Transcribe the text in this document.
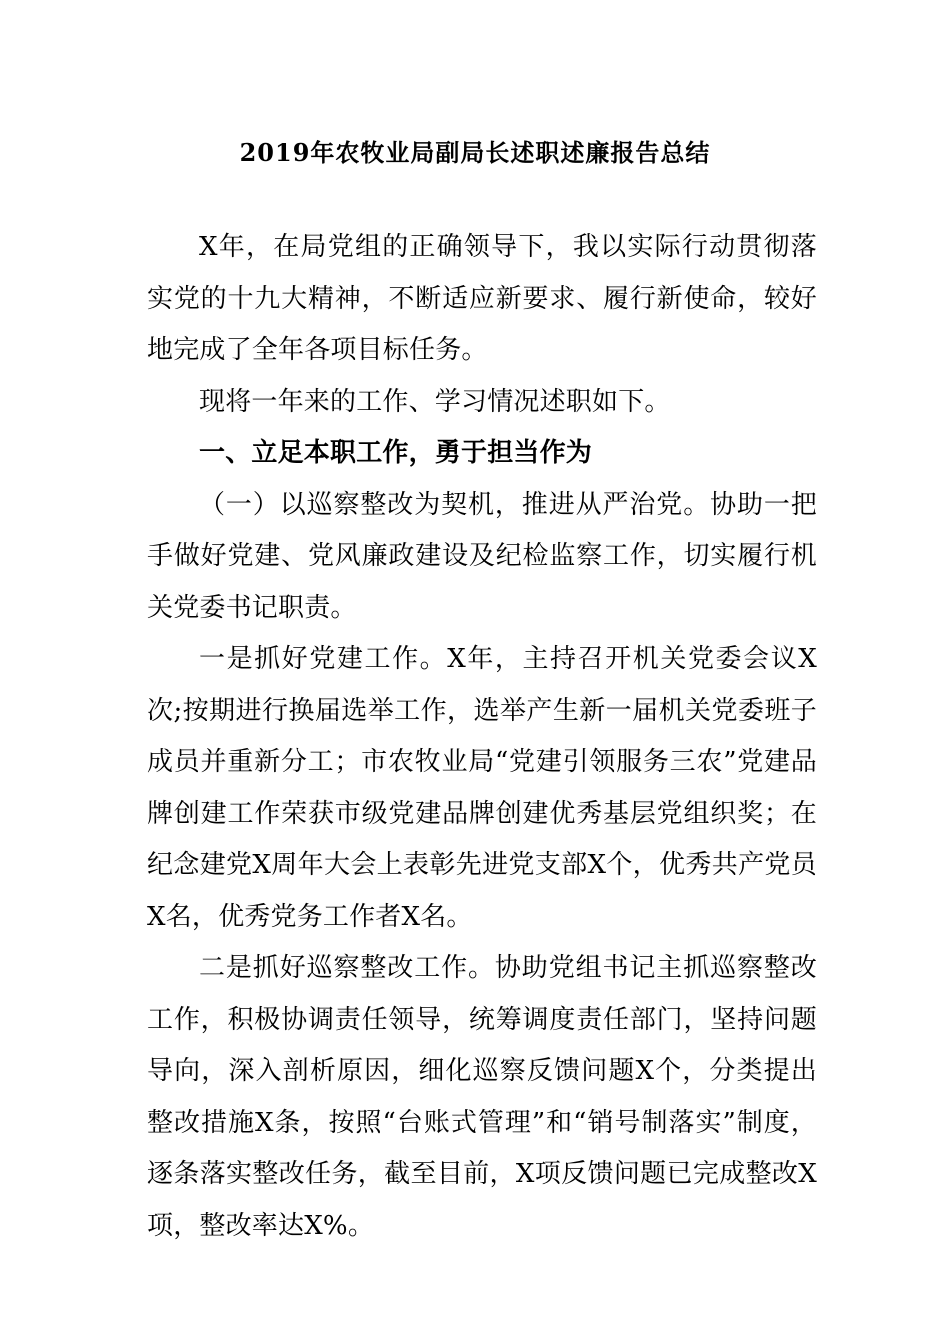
2019年农牧业局副局长述职述廉报告总结

X年，在局党组的正确领导下，我以实际行动贯彻落实党的十九大精神，不断适应新要求、履行新使命，较好地完成了全年各项目标任务。

现将一年来的工作、学习情况述职如下。

一、立足本职工作，勇于担当作为

（一）以巡察整改为契机，推进从严治党。协助一把手做好党建、党风廉政建设及纪检监察工作，切实履行机关党委书记职责。

一是抓好党建工作。X年，主持召开机关党委会议X次;按期进行换届选举工作，选举产生新一届机关党委班子成员并重新分工；市农牧业局“党建引领服务三农”党建品牌创建工作荣获市级党建品牌创建优秀基层党组织奖；在纪念建党X周年大会上表彰先进党支部X个，优秀共产党员X名，优秀党务工作者X名。

二是抓好巡察整改工作。协助党组书记主抓巡察整改工作，积极协调责任领导，统筹调度责任部门，坚持问题导向，深入剖析原因，细化巡察反馈问题X个，分类提出整改措施X条，按照“台账式管理”和“销号制落实”制度，逐条落实整改任务，截至目前，X项反馈问题已完成整改X项，整改率达X%。
